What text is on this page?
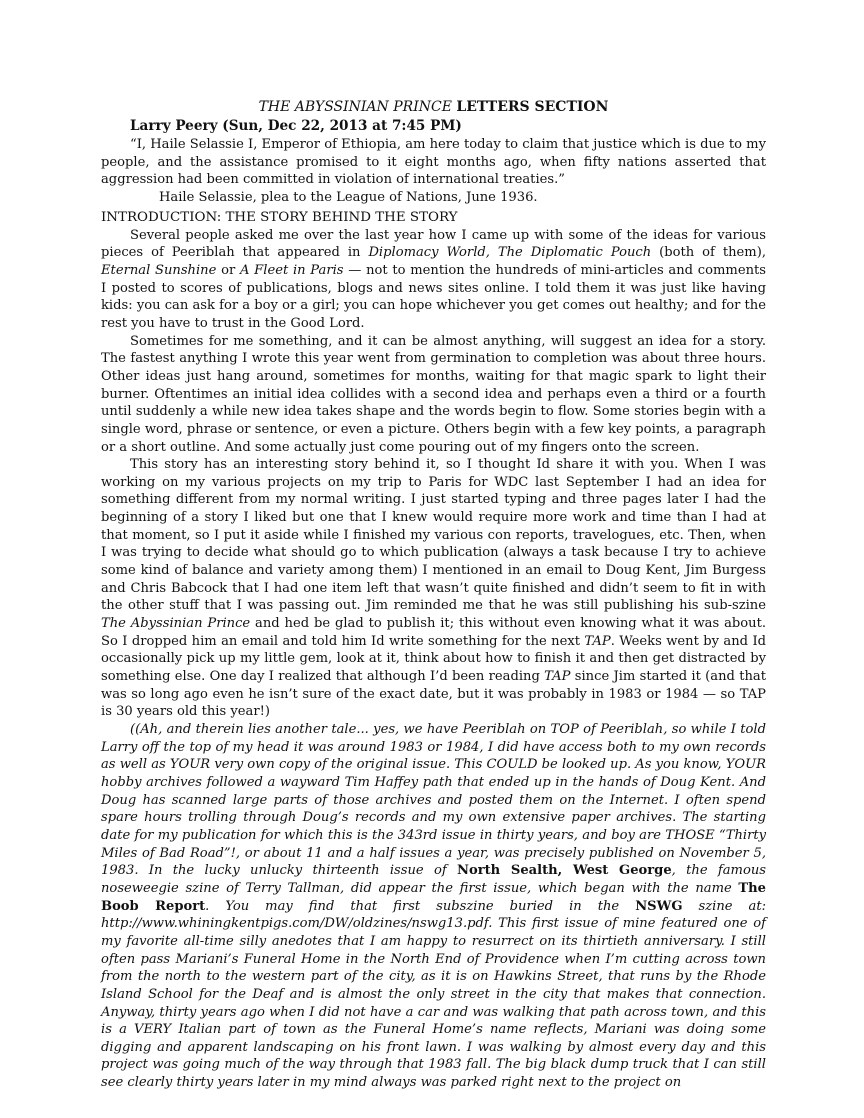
THE ABYSSINIAN PRINCE LETTERS SECTION

Larry Peery (Sun, Dec 22, 2013 at 7:45 PM)

“I, Haile Selassie I, Emperor of Ethiopia, am here today to claim that justice which is due to my people, and the assistance promised to it eight months ago, when fifty nations asserted that aggression had been committed in violation of international treaties.”

Haile Selassie, plea to the League of Nations, June 1936.

INTRODUCTION: THE STORY BEHIND THE STORY

Several people asked me over the last year how I came up with some of the ideas for various pieces of Peeriblah that appeared in Diplomacy World, The Diplomatic Pouch (both of them), Eternal Sunshine or A Fleet in Paris — not to mention the hundreds of mini-articles and comments I posted to scores of publications, blogs and news sites online. I told them it was just like having kids: you can ask for a boy or a girl; you can hope whichever you get comes out healthy; and for the rest you have to trust in the Good Lord.

Sometimes for me something, and it can be almost anything, will suggest an idea for a story. The fastest anything I wrote this year went from germination to completion was about three hours. Other ideas just hang around, sometimes for months, waiting for that magic spark to light their burner. Oftentimes an initial idea collides with a second idea and perhaps even a third or a fourth until suddenly a while new idea takes shape and the words begin to flow. Some stories begin with a single word, phrase or sentence, or even a picture. Others begin with a few key points, a paragraph or a short outline. And some actually just come pouring out of my fingers onto the screen.

This story has an interesting story behind it, so I thought Id share it with you. When I was working on my various projects on my trip to Paris for WDC last September I had an idea for something different from my normal writing. I just started typing and three pages later I had the beginning of a story I liked but one that I knew would require more work and time than I had at that moment, so I put it aside while I finished my various con reports, travelogues, etc. Then, when I was trying to decide what should go to which publication (always a task because I try to achieve some kind of balance and variety among them) I mentioned in an email to Doug Kent, Jim Burgess and Chris Babcock that I had one item left that wasn’t quite finished and didn’t seem to fit in with the other stuff that I was passing out. Jim reminded me that he was still publishing his sub-szine The Abyssinian Prince and hed be glad to publish it; this without even knowing what it was about. So I dropped him an email and told him Id write something for the next TAP. Weeks went by and Id occasionally pick up my little gem, look at it, think about how to finish it and then get distracted by something else. One day I realized that although I’d been reading TAP since Jim started it (and that was so long ago even he isn’t sure of the exact date, but it was probably in 1983 or 1984 — so TAP is 30 years old this year!)

((Ah, and therein lies another tale... yes, we have Peeriblah on TOP of Peeriblah, so while I told Larry off the top of my head it was around 1983 or 1984, I did have access both to my own records as well as YOUR very own copy of the original issue. This COULD be looked up. As you know, YOUR hobby archives followed a wayward Tim Haffey path that ended up in the hands of Doug Kent. And Doug has scanned large parts of those archives and posted them on the Internet. I often spend spare hours trolling through Doug’s records and my own extensive paper archives. The starting date for my publication for which this is the 343rd issue in thirty years, and boy are THOSE “Thirty Miles of Bad Road”!, or about 11 and a half issues a year, was precisely published on November 5, 1983. In the lucky unlucky thirteenth issue of North Sealth, West George, the famous noseweegie szine of Terry Tallman, did appear the first issue, which began with the name The Boob Report. You may find that first subszine buried in the NSWG szine at: http://www.whiningkentpigs.com/DW/oldzines/nswg13.pdf. This first issue of mine featured one of my favorite all-time silly anedotes that I am happy to resurrect on its thirtieth anniversary. I still often pass Mariani’s Funeral Home in the North End of Providence when I’m cutting across town from the north to the western part of the city, as it is on Hawkins Street, that runs by the Rhode Island School for the Deaf and is almost the only street in the city that makes that connection. Anyway, thirty years ago when I did not have a car and was walking that path across town, and this is a VERY Italian part of town as the Funeral Home’s name reflects, Mariani was doing some digging and apparent landscaping on his front lawn. I was walking by almost every day and this project was going much of the way through that 1983 fall. The big black dump truck that I can still see clearly thirty years later in my mind always was parked right next to the project on
